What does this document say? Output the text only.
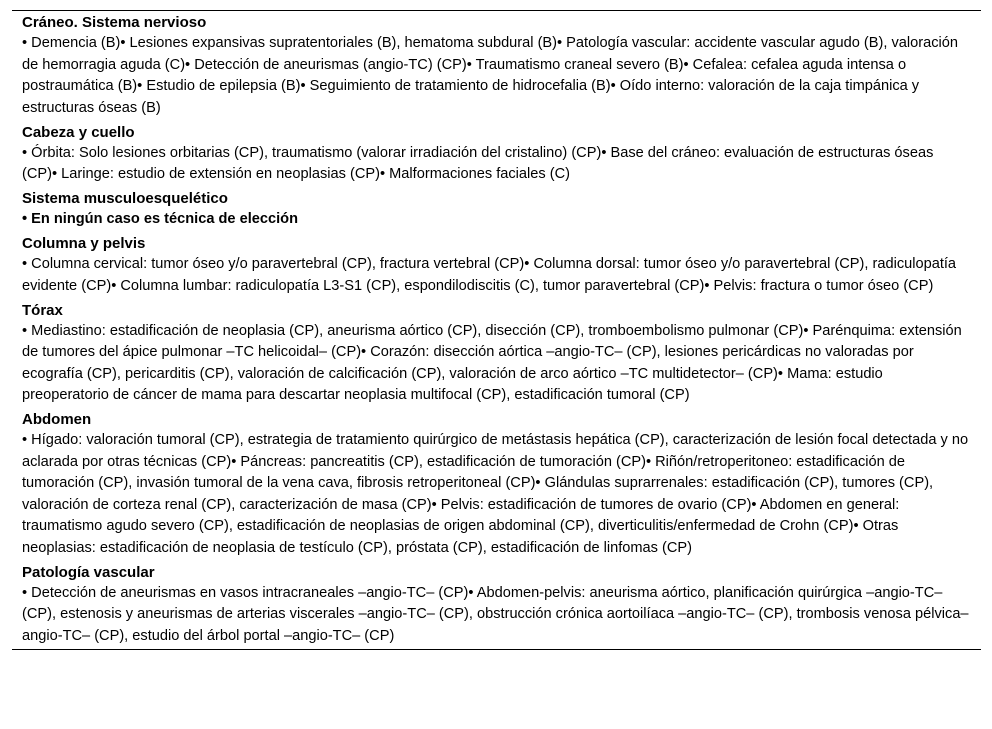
Cráneo. Sistema nervioso
• Demencia (B)• Lesiones expansivas supratentoriales (B), hematoma subdural (B)• Patología vascular: accidente vascular agudo (B), valoración de hemorragia aguda (C)• Detección de aneurismas (angio-TC) (CP)• Traumatismo craneal severo (B)• Cefalea: cefalea aguda intensa o postraumática (B)• Estudio de epilepsia (B)• Seguimiento de tratamiento de hidrocefalia (B)• Oído interno: valoración de la caja timpánica y estructuras óseas (B)
Cabeza y cuello
• Órbita: Solo lesiones orbitarias (CP), traumatismo (valorar irradiación del cristalino) (CP)• Base del cráneo: evaluación de estructuras óseas (CP)• Laringe: estudio de extensión en neoplasias (CP)• Malformaciones faciales (C)
Sistema musculoesquelético
• En ningún caso es técnica de elección
Columna y pelvis
• Columna cervical: tumor óseo y/o paravertebral (CP), fractura vertebral (CP)• Columna dorsal: tumor óseo y/o paravertebral (CP), radiculopatía evidente (CP)• Columna lumbar: radiculopatía L3-S1 (CP), espondilodiscitis (C), tumor paravertebral (CP)• Pelvis: fractura o tumor óseo (CP)
Tórax
• Mediastino: estadificación de neoplasia (CP), aneurisma aórtico (CP), disección (CP), tromboembolismo pulmonar (CP)• Parénquima: extensión de tumores del ápice pulmonar –TC helicoidal– (CP)• Corazón: disección aórtica –angio-TC– (CP), lesiones pericárdicas no valoradas por ecografía (CP), pericarditis (CP), valoración de calcificación (CP), valoración de arco aórtico –TC multidetector– (CP)• Mama: estudio preoperatorio de cáncer de mama para descartar neoplasia multifocal (CP), estadificación tumoral (CP)
Abdomen
• Hígado: valoración tumoral (CP), estrategia de tratamiento quirúrgico de metástasis hepática (CP), caracterización de lesión focal detectada y no aclarada por otras técnicas (CP)• Páncreas: pancreatitis (CP), estadificación de tumoración (CP)• Riñón/retroperitoneo: estadificación de tumoración (CP), invasión tumoral de la vena cava, fibrosis retroperitoneal (CP)• Glándulas suprarrenales: estadificación (CP), tumores (CP), valoración de corteza renal (CP), caracterización de masa (CP)• Pelvis: estadificación de tumores de ovario (CP)• Abdomen en general: traumatismo agudo severo (CP), estadificación de neoplasias de origen abdominal (CP), diverticulitis/enfermedad de Crohn (CP)• Otras neoplasias: estadificación de neoplasia de testículo (CP), próstata (CP), estadificación de linfomas (CP)
Patología vascular
• Detección de aneurismas en vasos intracraneales –angio-TC– (CP)• Abdomen-pelvis: aneurisma aórtico, planificación quirúrgica –angio-TC– (CP), estenosis y aneurismas de arterias viscerales –angio-TC– (CP), obstrucción crónica aortoilíaca –angio-TC– (CP), trombosis venosa pélvica–angio-TC– (CP), estudio del árbol portal –angio-TC– (CP)
